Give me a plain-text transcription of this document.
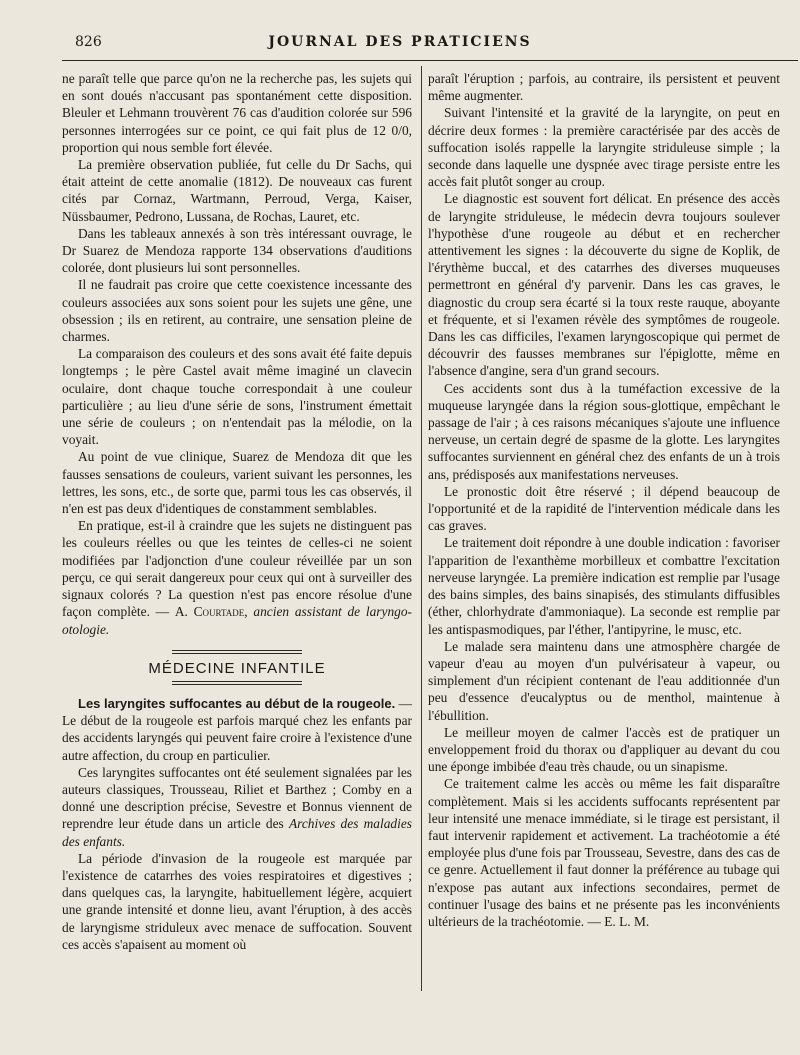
826	JOURNAL DES PRATICIENS

ne paraît telle que parce qu'on ne la recherche pas, les sujets qui en sont doués n'accusant pas spontanément cette disposition. Bleuler et Lehmann trouvèrent 76 cas d'audition colorée sur 596 personnes interrogées sur ce point, ce qui fait plus de 12 0/0, proportion qui nous semble fort élevée.

La première observation publiée, fut celle du Dr Sachs, qui était atteint de cette anomalie (1812). De nouveaux cas furent cités par Cornaz, Wartmann, Perroud, Verga, Kaiser, Nüssbaumer, Pedrono, Lussana, de Rochas, Lauret, etc.

Dans les tableaux annexés à son très intéressant ouvrage, le Dr Suarez de Mendoza rapporte 134 observations d'auditions colorée, dont plusieurs lui sont personnelles.

Il ne faudrait pas croire que cette coexistence incessante des couleurs associées aux sons soient pour les sujets une gêne, une obsession ; ils en retirent, au contraire, une sensation pleine de charmes.

La comparaison des couleurs et des sons avait été faite depuis longtemps ; le père Castel avait même imaginé un clavecin oculaire, dont chaque touche correspondait à une couleur particulière ; au lieu d'une série de sons, l'instrument émettait une série de couleurs ; on n'entendait pas la mélodie, on la voyait.

Au point de vue clinique, Suarez de Mendoza dit que les fausses sensations de couleurs, varient suivant les personnes, les lettres, les sons, etc., de sorte que, parmi tous les cas observés, il n'en est pas deux d'identiques de constamment semblables.

En pratique, est-il à craindre que les sujets ne distinguent pas les couleurs réelles ou que les teintes de celles-ci ne soient modifiées par l'adjonction d'une couleur réveillée par un son perçu, ce qui serait dangereux pour ceux qui ont à surveiller des signaux colorés ? La question n'est pas encore résolue d'une façon complète. — A. Courtade, ancien assistant de laryngo-otologie.

MÉDECINE INFANTILE

Les laryngites suffocantes au début de la rougeole. — Le début de la rougeole est parfois marqué chez les enfants par des accidents laryngés qui peuvent faire croire à l'existence d'une autre affection, du croup en particulier.

Ces laryngites suffocantes ont été seulement signalées par les auteurs classiques, Trousseau, Riliet et Barthez ; Comby en a donné une description précise, Sevestre et Bonnus viennent de reprendre leur étude dans un article des Archives des maladies des enfants.

La période d'invasion de la rougeole est marquée par l'existence de catarrhes des voies respiratoires et digestives ; dans quelques cas, la laryngite, habituellement légère, acquiert une grande intensité et donne lieu, avant l'éruption, à des accès de laryngisme striduleux avec menace de suffocation. Souvent ces accès s'apaisent au moment où

paraît l'éruption ; parfois, au contraire, ils persistent et peuvent même augmenter.

Suivant l'intensité et la gravité de la laryngite, on peut en décrire deux formes : la première caractérisée par des accès de suffocation isolés rappelle la laryngite striduleuse simple ; la seconde dans laquelle une dyspnée avec tirage persiste entre les accès fait plutôt songer au croup.

Le diagnostic est souvent fort délicat. En présence des accès de laryngite striduleuse, le médecin devra toujours soulever l'hypothèse d'une rougeole au début et en rechercher attentivement les signes : la découverte du signe de Koplik, de l'érythème buccal, et des catarrhes des diverses muqueuses permettront en général d'y parvenir. Dans les cas graves, le diagnostic du croup sera écarté si la toux reste rauque, aboyante et fréquente, et si l'examen révèle des symptômes de rougeole. Dans les cas difficiles, l'examen laryngoscopique qui permet de découvrir des fausses membranes sur l'épiglotte, même en l'absence d'angine, sera d'un grand secours.

Ces accidents sont dus à la tuméfaction excessive de la muqueuse laryngée dans la région sous-glottique, empêchant le passage de l'air ; à ces raisons mécaniques s'ajoute une influence nerveuse, un certain degré de spasme de la glotte. Les laryngites suffocantes surviennent en général chez des enfants de un à trois ans, prédisposés aux manifestations nerveuses.

Le pronostic doit être réservé ; il dépend beaucoup de l'opportunité et de la rapidité de l'intervention médicale dans les cas graves.

Le traitement doit répondre à une double indication : favoriser l'apparition de l'exanthème morbilleux et combattre l'excitation nerveuse laryngée. La première indication est remplie par l'usage des bains simples, des bains sinapisés, des stimulants diffusibles (éther, chlorhydrate d'ammoniaque). La seconde est remplie par les antispasmodiques, par l'éther, l'antipyrine, le musc, etc.

Le malade sera maintenu dans une atmosphère chargée de vapeur d'eau au moyen d'un pulvérisateur à vapeur, ou simplement d'un récipient contenant de l'eau additionnée d'un peu d'essence d'eucalyptus ou de menthol, maintenue à l'ébullition.

Le meilleur moyen de calmer l'accès est de pratiquer un enveloppement froid du thorax ou d'appliquer au devant du cou une éponge imbibée d'eau très chaude, ou un sinapisme.

Ce traitement calme les accès ou même les fait disparaître complètement. Mais si les accidents suffocants représentent par leur intensité une menace immédiate, si le tirage est persistant, il faut intervenir rapidement et activement. La trachéotomie a été employée plus d'une fois par Trousseau, Sevestre, dans des cas de ce genre. Actuellement il faut donner la préférence au tubage qui n'expose pas autant aux infections secondaires, permet de continuer l'usage des bains et ne présente pas les inconvénients ultérieurs de la trachéotomie. — E. L. M.
